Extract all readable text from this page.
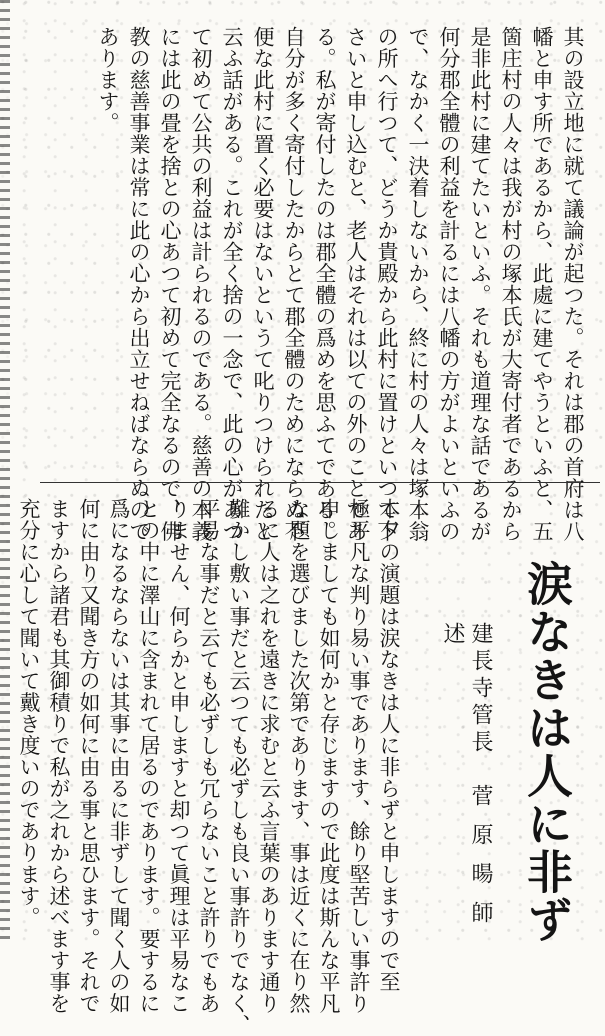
其の設立地に就て議論が起つた。それは郡の首府は八
幡と申す所であるから、此處に建てやうといふと、五
箇庄村の人々は我が村の塚本氏が大寄付者であるから
是非此村に建てたいといふ。それも道理な話であるが
何分郡全體の利益を計るには八幡の方がよいといふの
で、なかく一決着しないから、終に村の人々は塚本翁
の所へ行つて、どうか貴殿から此村に置けといつて下
さいと申し込むと、老人はそれは以ての外のことであ
る。私が寄付したのは郡全體の爲めを思ふてである。
自分が多く寄付したからとて郡全體のためにならぬ不
便な此村に置く必要はないというて叱りつけられたと
云ふ話がある。これが全く捨の一念で、此の心があつ
て初めて公共の利益は計られるのである。慈善の本義
には此の畳を捨との心あつて初めて完全なるので、佛
教の慈善事業は常に此の心から出立せねばならぬので
あります。
涙なきは人に非ず
建長寺管長　菅 原 暘 師述
本夕の演題は涙なきは人に非らずと申しますので至
極平凡な判り易い事であります、餘り堅苦しい事許り
申しましても如何かと存じますので此度は斯んな平凡
な題を選びました次第であります、事は近くに在り然
るに人は之れを遠きに求むと云ふ言葉のあります通り
難かし敷い事だと云つても必ずしも良い事許りでなく、
平易な事だと云ても必ずしも冗らないこと許りでもあ
りません、何らかと申しますと却つて眞理は平易なこ
との中に澤山に含まれて居るのであります。要するに
爲になるならないは其事に由るに非ずして聞く人の如
何に由り又聞き方の如何に由る事と思ひます。それで
ますから諸君も其御積りで私が之れから述べます事を
充分に心して聞いて戴き度いのであります。
